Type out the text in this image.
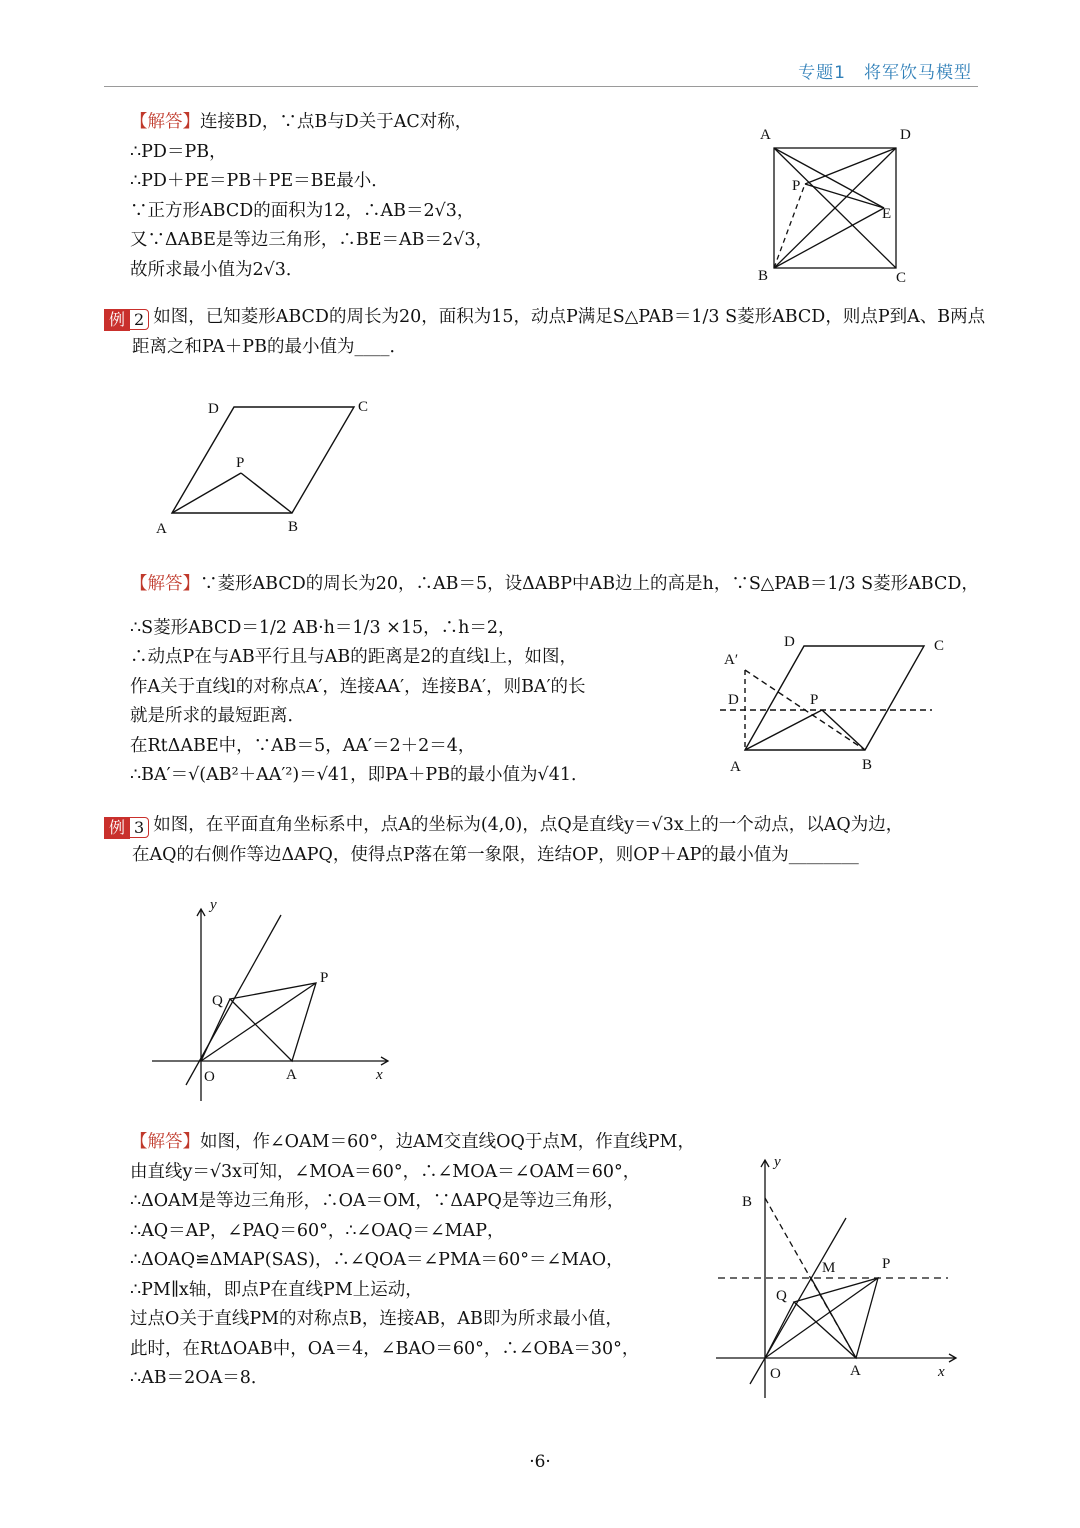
专题1　将军饮马模型
【解答】连接BD，∵点B与D关于AC对称，
∴PD＝PB，
∴PD＋PE＝PB＋PE＝BE最小．
∵正方形ABCD的面积为12，∴AB＝2√3，
又∵ΔABE是等边三角形，∴BE＝AB＝2√3，
故所求最小值为2√3．
A	D
P
E
B	C
例 2 如图，已知菱形ABCD的周长为20，面积为15，动点P满足S△PAB＝1/3 S菱形ABCD，则点P到A、B两点
距离之和PA＋PB的最小值为____．
D	C
P
A	B
【解答】∵菱形ABCD的周长为20，∴AB＝5，设ΔABP中AB边上的高是h，∵S△PAB＝1/3 S菱形ABCD，
∴S菱形ABCD＝1/2 AB·h＝1/3 ×15，∴h＝2，
∴动点P在与AB平行且与AB的距离是2的直线l上，如图，
作A关于直线l的对称点A′，连接AA′，连接BA′，则BA′的长
就是所求的最短距离．
在RtΔABE中，∵AB＝5，AA′＝2＋2＝4，
∴BA′＝√(AB²＋AA′²)＝√41，即PA＋PB的最小值为√41．
D	C
A′
D	P
A	B
例 3 如图，在平面直角坐标系中，点A的坐标为(4,0)，点Q是直线y＝√3x上的一个动点，以AQ为边，
在AQ的右侧作等边ΔAPQ，使得点P落在第一象限，连结OP，则OP＋AP的最小值为________
y
P
Q
O	A	x
【解答】如图，作∠OAM＝60°，边AM交直线OQ于点M，作直线PM，
由直线y＝√3x可知，∠MOA＝60°，∴∠MOA＝∠OAM＝60°，
∴ΔOAM是等边三角形，∴OA＝OM，∵ΔAPQ是等边三角形，
∴AQ＝AP，∠PAQ＝60°，∴∠OAQ＝∠MAP，
∴ΔOAQ≌ΔMAP(SAS)，∴∠QOA＝∠PMA＝60°＝∠MAO，
∴PM∥x轴，即点P在直线PM上运动，
过点O关于直线PM的对称点B，连接AB，AB即为所求最小值，
此时，在RtΔOAB中，OA＝4，∠BAO＝60°，∴∠OBA＝30°，
∴AB＝2OA＝8．
y
B
M	P
Q
O	A	x
·6·
